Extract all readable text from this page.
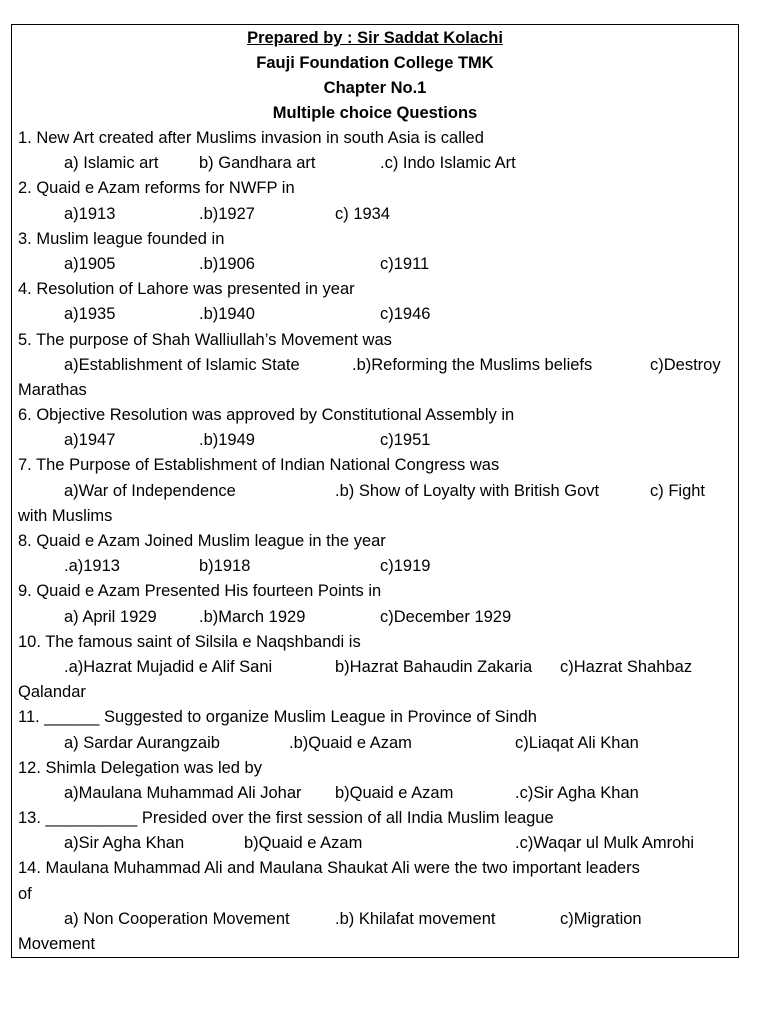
Prepared by : Sir Saddat Kolachi
Fauji Foundation College TMK
Chapter No.1
Multiple choice Questions
1. New Art created after Muslims invasion in south Asia is called
a) Islamic art b) Gandhara art	.c) Indo Islamic Art
2. Quaid e Azam reforms for NWFP in
a)1913	.b)1927	c) 1934
3. Muslim league founded in
a)1905	.b)1906	c)1911
4. Resolution of Lahore was presented in year
a)1935	.b)1940	c)1946
5. The purpose of Shah Walliullah’s Movement was
a)Establishment of Islamic State	.b)Reforming the Muslims beliefs	c)Destroy
Marathas
6. Objective Resolution was approved by Constitutional Assembly in
a)1947	.b)1949	c)1951
7. The Purpose of Establishment of Indian National Congress was
a)War of Independence	.b) Show of Loyalty with British Govt	c) Fight
with Muslims
8. Quaid e Azam Joined Muslim league in the year
.a)1913	b)1918	c)1919
9. Quaid e Azam Presented His fourteen Points in
a) April 1929	.b)March 1929	c)December 1929
10. The famous saint of Silsila e Naqshbandi is
.a)Hazrat Mujadid e Alif Sani	b)Hazrat Bahaudin Zakaria c)Hazrat Shahbaz
Qalandar
11. ______ Suggested to organize Muslim League in Province of Sindh
a) Sardar Aurangzaib	.b)Quaid e Azam	c)Liaqat Ali Khan
12. Shimla Delegation was led by
a)Maulana Muhammad Ali Johar b)Quaid e Azam	.c)Sir Agha Khan
13. __________ Presided over the first session of all India Muslim league
a)Sir Agha Khan	b)Quaid e Azam	.c)Waqar ul Mulk Amrohi
14. Maulana Muhammad Ali and Maulana Shaukat Ali were the two important leaders
of
a) Non Cooperation Movement	.b) Khilafat movement	c)Migration
Movement
